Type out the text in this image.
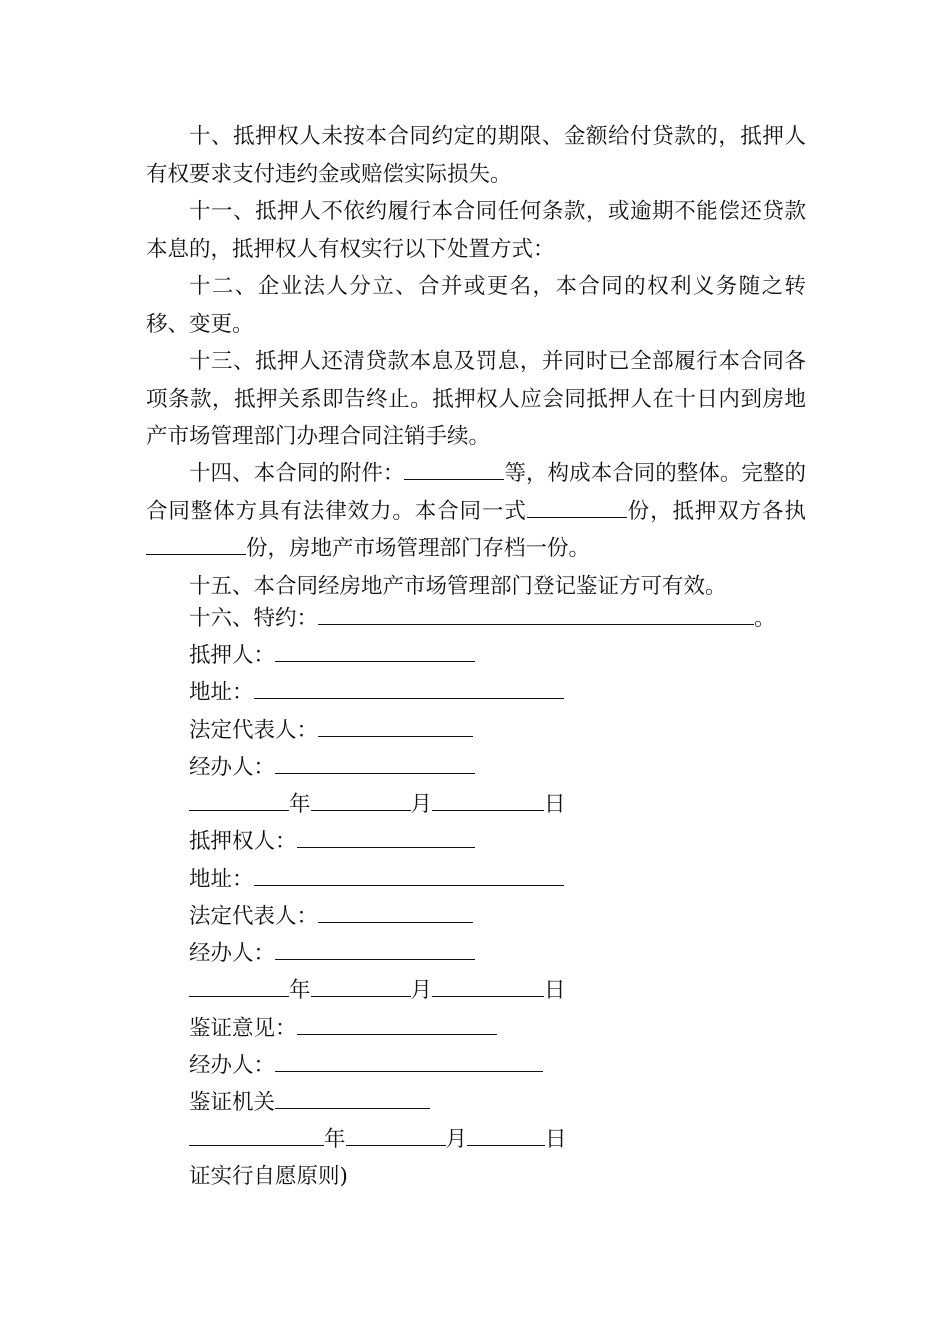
十、抵押权人未按本合同约定的期限、金额给付贷款的，抵押人有权要求支付违约金或赔偿实际损失。

十一、抵押人不依约履行本合同任何条款，或逾期不能偿还贷款本息的，抵押权人有权实行以下处置方式：

十二、企业法人分立、合并或更名，本合同的权利义务随之转移、变更。

十三、抵押人还清贷款本息及罚息，并同时已全部履行本合同各项条款，抵押关系即告终止。抵押权人应会同抵押人在十日内到房地产市场管理部门办理合同注销手续。

十四、本合同的附件：	等，构成本合同的整体。完整的合同整体方具有法律效力。本合同一式	份，抵押双方各执份，房地产市场管理部门存档一份。

十五、本合同经房地产市场管理部门登记鉴证方可有效。

十六、特约：	。
抵押人：
地址：
法定代表人：
经办人：
年	月	日
抵押权人：
地址：
法定代表人：
经办人：
年	月	日
鉴证意见：
经办人：
鉴证机关
年	月	日
证实行自愿原则)
